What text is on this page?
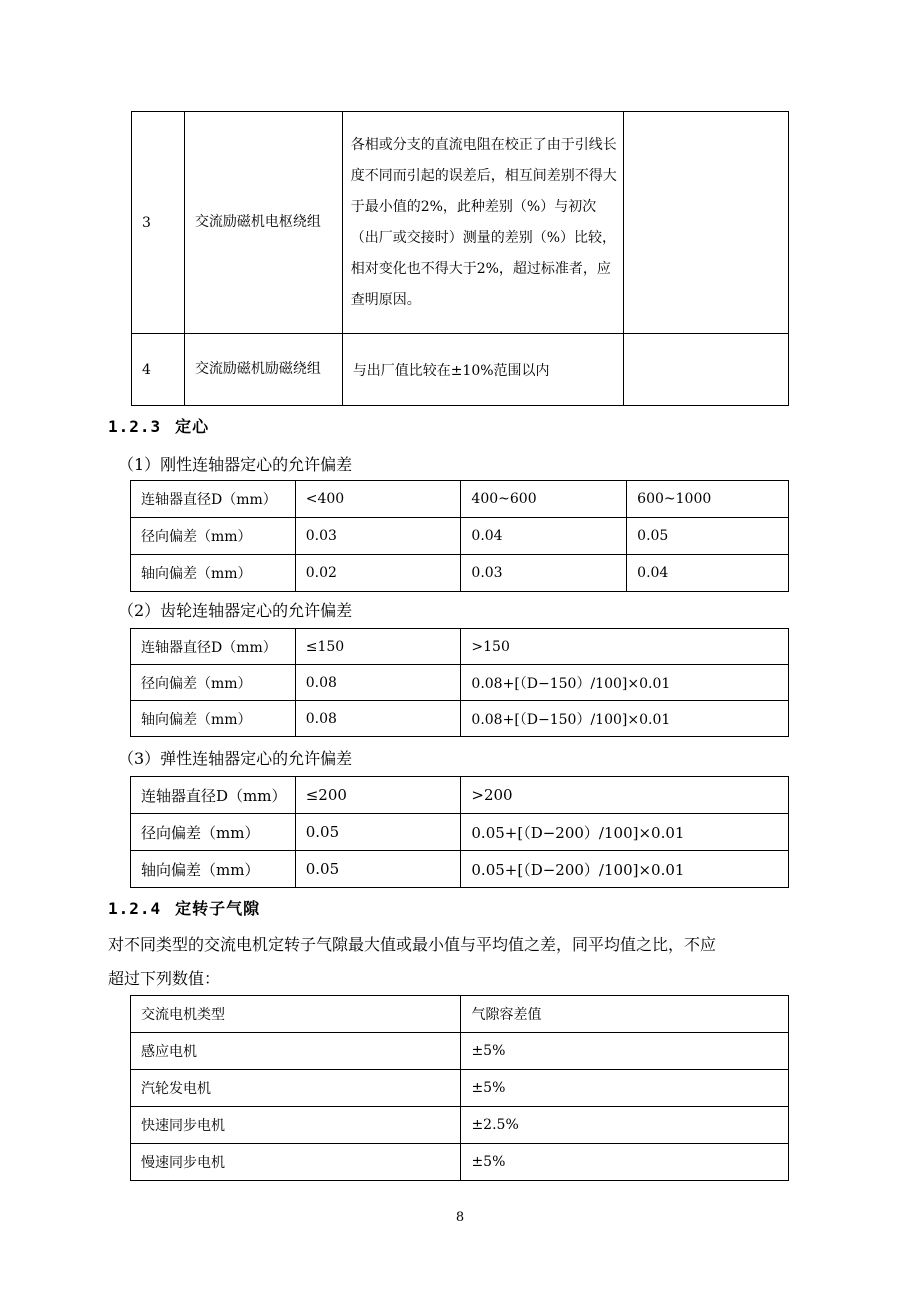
3	交流励磁机电枢绕组	各相或分支的直流电阻在校正了由于引线长度不同而引起的误差后，相互间差别不得大于最小值的2%，此种差别（%）与初次（出厂或交接时）测量的差别（%）比较，相对变化也不得大于2%，超过标准者，应查明原因。	
4	交流励磁机励磁绕组	与出厂值比较在±10%范围以内	
1.2.3 定心
（1）刚性连轴器定心的允许偏差
连轴器直径D（mm）	<400	400~600	600~1000
径向偏差（mm）	0.03	0.04	0.05
轴向偏差（mm）	0.02	0.03	0.04
（2）齿轮连轴器定心的允许偏差
连轴器直径D（mm）	≤150	>150
径向偏差（mm）	0.08	0.08+[（D−150）/100]×0.01
轴向偏差（mm）	0.08	0.08+[（D−150）/100]×0.01
（3）弹性连轴器定心的允许偏差
连轴器直径D（mm）	≤200	>200
径向偏差（mm）	0.05	0.05+[（D−200）/100]×0.01
轴向偏差（mm）	0.05	0.05+[（D−200）/100]×0.01
1.2.4 定转子气隙
对不同类型的交流电机定转子气隙最大值或最小值与平均值之差，同平均值之比，不应
超过下列数值：
交流电机类型	气隙容差值
感应电机	±5%
汽轮发电机	±5%
快速同步电机	±2.5%
慢速同步电机	±5%
8
